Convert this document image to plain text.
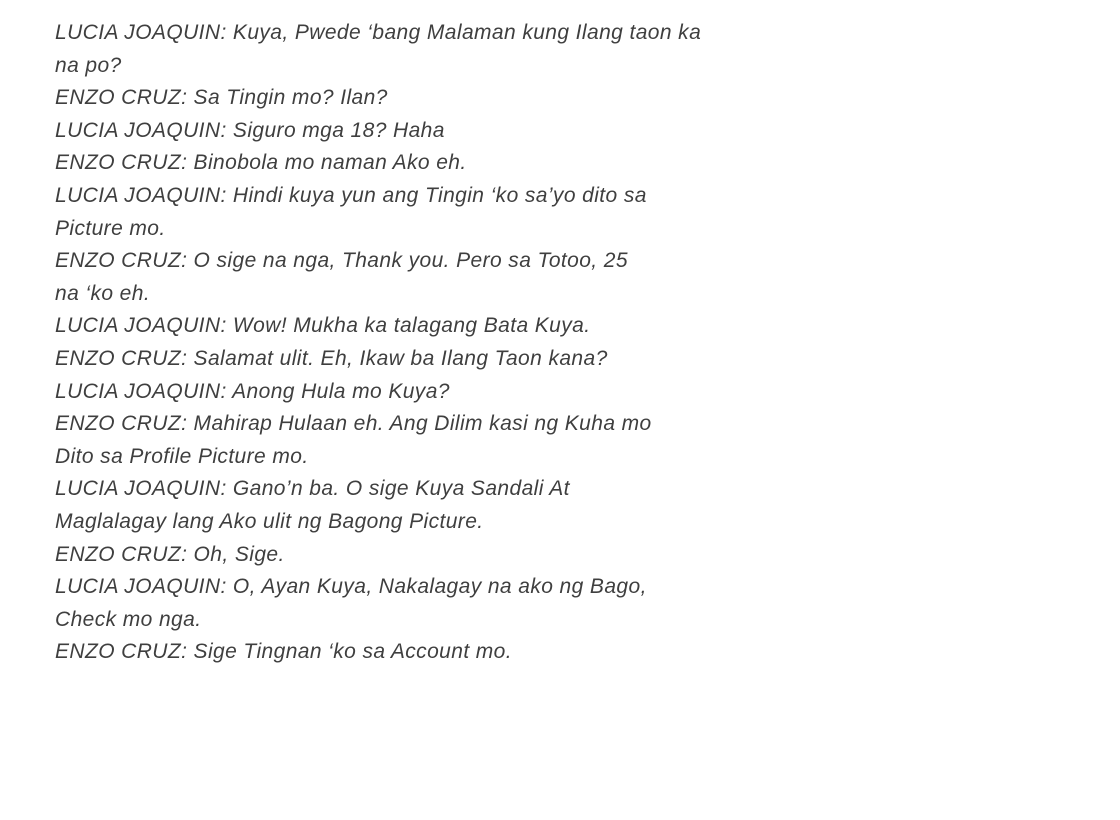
LUCIA JOAQUIN: Kuya, Pwede ‘bang Malaman kung Ilang taon ka
na po?
ENZO CRUZ: Sa Tingin mo? Ilan?
LUCIA JOAQUIN: Siguro mga 18? Haha
ENZO CRUZ: Binobola mo naman Ako eh.
LUCIA JOAQUIN: Hindi kuya yun ang Tingin ‘ko sa’yo dito sa
Picture mo.
ENZO CRUZ: O sige na nga, Thank you. Pero sa Totoo, 25
na ‘ko eh.
LUCIA JOAQUIN: Wow! Mukha ka talagang Bata Kuya.
ENZO CRUZ: Salamat ulit. Eh, Ikaw ba Ilang Taon kana?
LUCIA JOAQUIN: Anong Hula mo Kuya?
ENZO CRUZ: Mahirap Hulaan eh. Ang Dilim kasi ng Kuha mo
Dito sa Profile Picture mo.
LUCIA JOAQUIN: Gano’n ba. O sige Kuya Sandali At
Maglalagay lang Ako ulit ng Bagong Picture.
ENZO CRUZ: Oh, Sige.
LUCIA JOAQUIN: O, Ayan Kuya, Nakalagay na ako ng Bago,
Check mo nga.
ENZO CRUZ: Sige Tingnan ‘ko sa Account mo.
